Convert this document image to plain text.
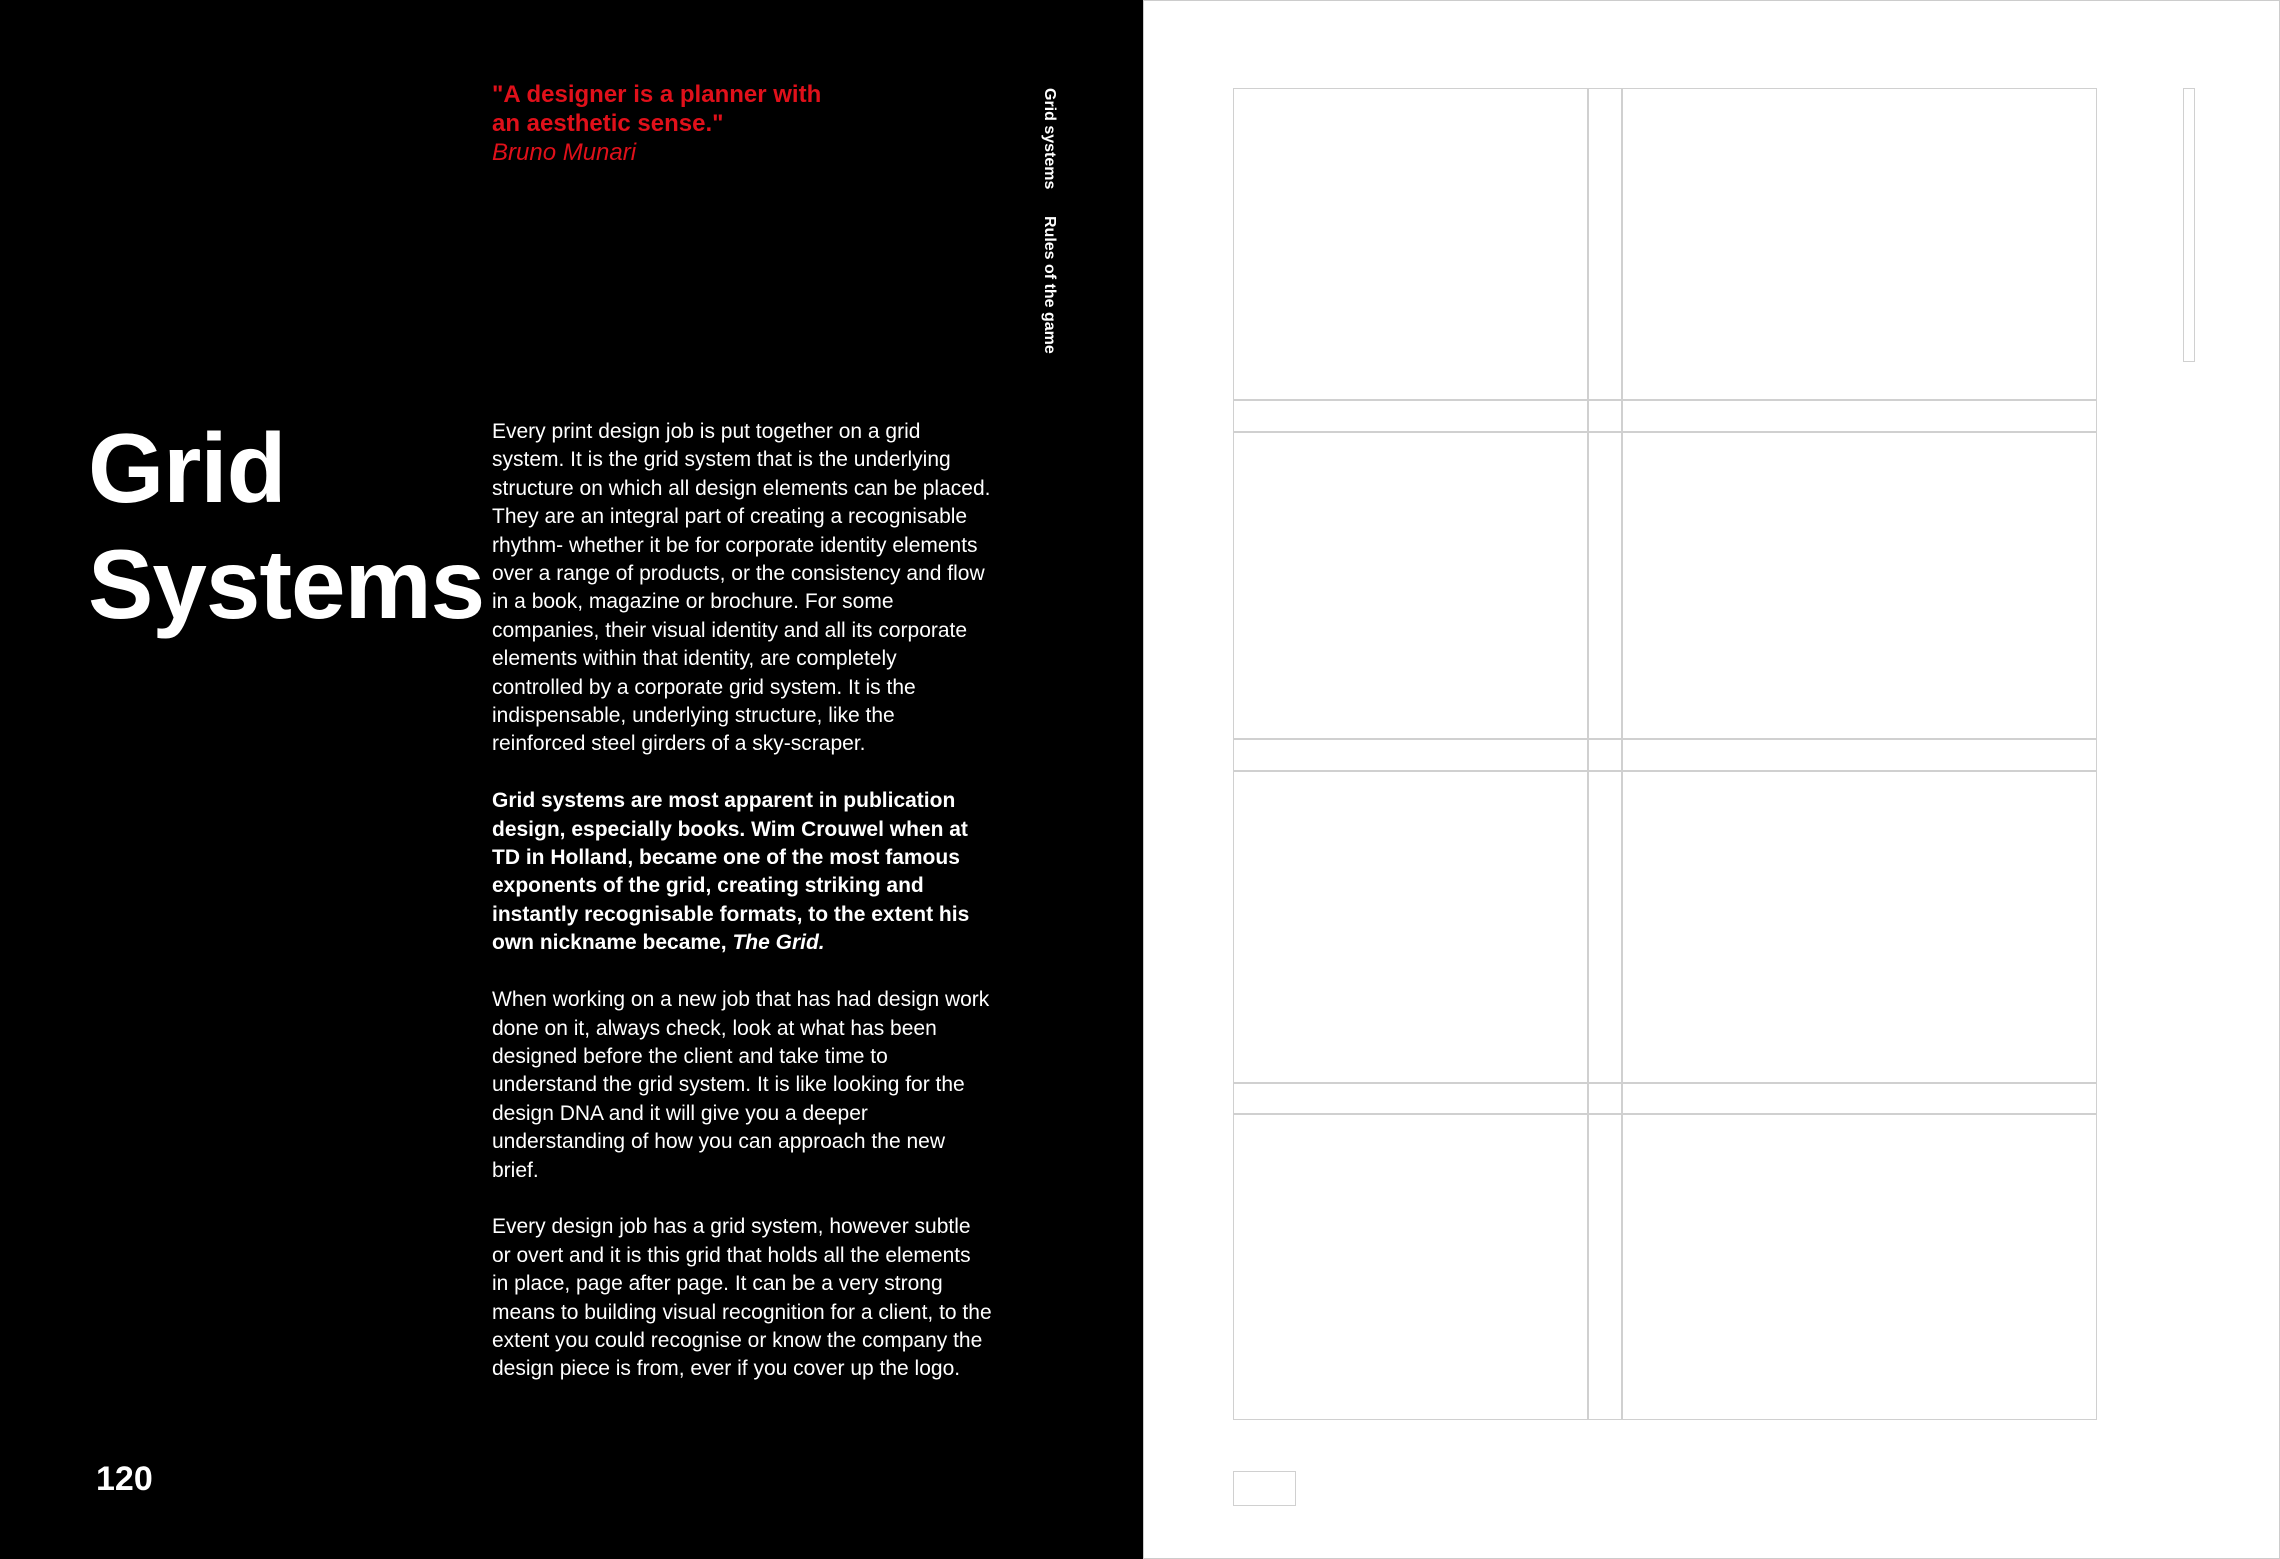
"A designer is a planner with an aesthetic sense."
Bruno Munari	Grid systems Rules of the game
Grid
Systems

Every print design job is put together on a grid system. It is the grid system that is the underlying structure on which all design elements can be placed. They are an integral part of creating a recognisable rhythm- whether it be for corporate identity elements over a range of products, or the consistency and flow in a book, magazine or brochure. For some companies, their visual identity and all its corporate elements within that identity, are completely controlled by a corporate grid system. It is the indispensable, underlying structure, like the reinforced steel girders of a sky-scraper.

Grid systems are most apparent in publication design, especially books. Wim Crouwel when at TD in Holland, became one of the most famous exponents of the grid, creating striking and instantly recognisable formats, to the extent his own nickname became, The Grid.

When working on a new job that has had design work done on it, always check, look at what has been designed before the client and take time to understand the grid system. It is like looking for the design DNA and it will give you a deeper understanding of how you can approach the new brief.

Every design job has a grid system, however subtle or overt and it is this grid that holds all the elements in place, page after page. It can be a very strong means to building visual recognition for a client, to the extent you could recognise or know the company the design piece is from, ever if you cover up the logo.

120
